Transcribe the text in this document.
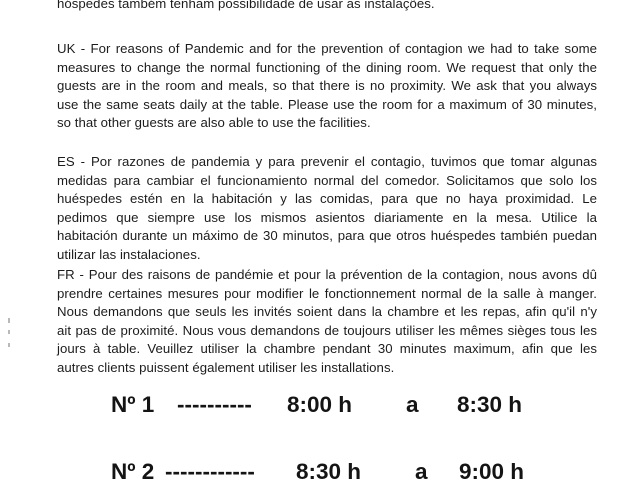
hóspedes também tenham possibilidade de usar as instalações.
UK - For reasons of Pandemic and for the prevention of contagion we had to take some
measures to change the normal functioning of the dining room. We request that only the
guests are in the room and meals, so that there is no proximity. We ask that you always
use the same seats daily at the table. Please use the room for a maximum of 30 minutes,
so that other guests are also able to use the facilities.
ES - Por razones de pandemia y para prevenir el contagio, tuvimos que tomar algunas
medidas para cambiar el funcionamiento normal del comedor. Solicitamos que solo los
huéspedes estén en la habitación y las comidas, para que no haya proximidad. Le
pedimos que siempre use los mismos asientos diariamente en la mesa. Utilice la
habitación durante un máximo de 30 minutos, para que otros huéspedes también puedan
utilizar las instalaciones.
FR - Pour des raisons de pandémie et pour la prévention de la contagion, nous avons dû
prendre certaines mesures pour modifier le fonctionnement normal de la salle à manger.
Nous demandons que seuls les invités soient dans la chambre et les repas, afin qu'il n'y
ait pas de proximité. Nous vous demandons de toujours utiliser les mêmes sièges tous les
jours à table. Veuillez utiliser la chambre pendant 30 minutes maximum, afin que les
autres clients puissent également utiliser les installations.
Nº 1 ---------- 8:00 h a 8:30 h
Nº 2 ------------ 8:30 h a 9:00 h
